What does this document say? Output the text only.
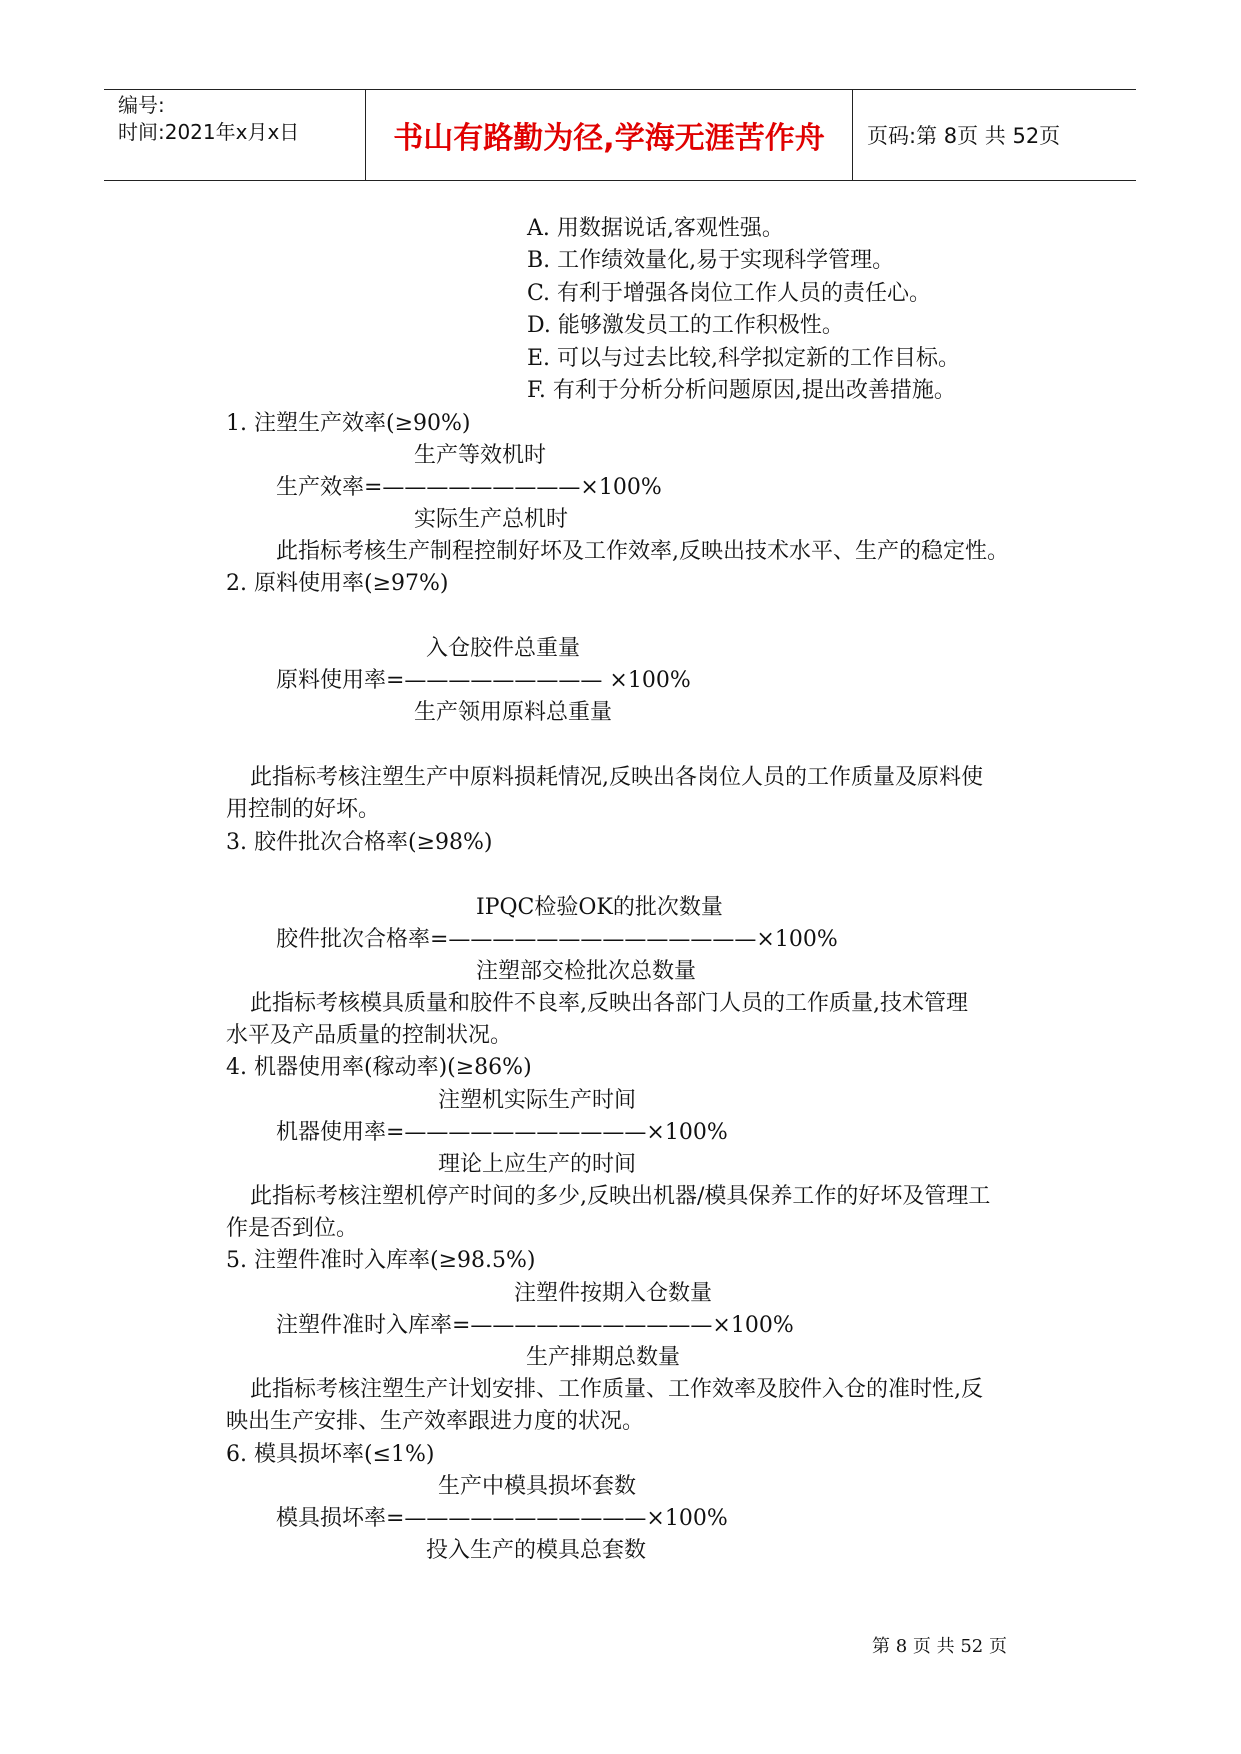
编号:
时间:2021年x月x日	书山有路勤为径,学海无涯苦作舟	页码:第 8页 共 52页
A. 用数据说话,客观性强。
B. 工作绩效量化,易于实现科学管理。
C. 有利于增强各岗位工作人员的责任心。
D. 能够激发员工的工作积极性。
E. 可以与过去比较,科学拟定新的工作目标。
F. 有利于分析分析问题原因,提出改善措施。
1. 注塑生产效率(≥90%)
生产等效机时
生产效率=—————————×100%
实际生产总机时
此指标考核生产制程控制好坏及工作效率,反映出技术水平、生产的稳定性。
2. 原料使用率(≥97%)
入仓胶件总重量
原料使用率=————————— ×100%
生产领用原料总重量
此指标考核注塑生产中原料损耗情况,反映出各岗位人员的工作质量及原料使
用控制的好坏。
3. 胶件批次合格率(≥98%)
IPQC检验OK的批次数量
胶件批次合格率=——————————————×100%
注塑部交检批次总数量
此指标考核模具质量和胶件不良率,反映出各部门人员的工作质量,技术管理
水平及产品质量的控制状况。
4. 机器使用率(稼动率)(≥86%)
注塑机实际生产时间
机器使用率=———————————×100%
理论上应生产的时间
此指标考核注塑机停产时间的多少,反映出机器/模具保养工作的好坏及管理工
作是否到位。
5. 注塑件准时入库率(≥98.5%)
注塑件按期入仓数量
注塑件准时入库率=———————————×100%
生产排期总数量
此指标考核注塑生产计划安排、工作质量、工作效率及胶件入仓的准时性,反
映出生产安排、生产效率跟进力度的状况。
6. 模具损坏率(≤1%)
生产中模具损坏套数
模具损坏率=———————————×100%
投入生产的模具总套数
第 8 页 共 52 页
